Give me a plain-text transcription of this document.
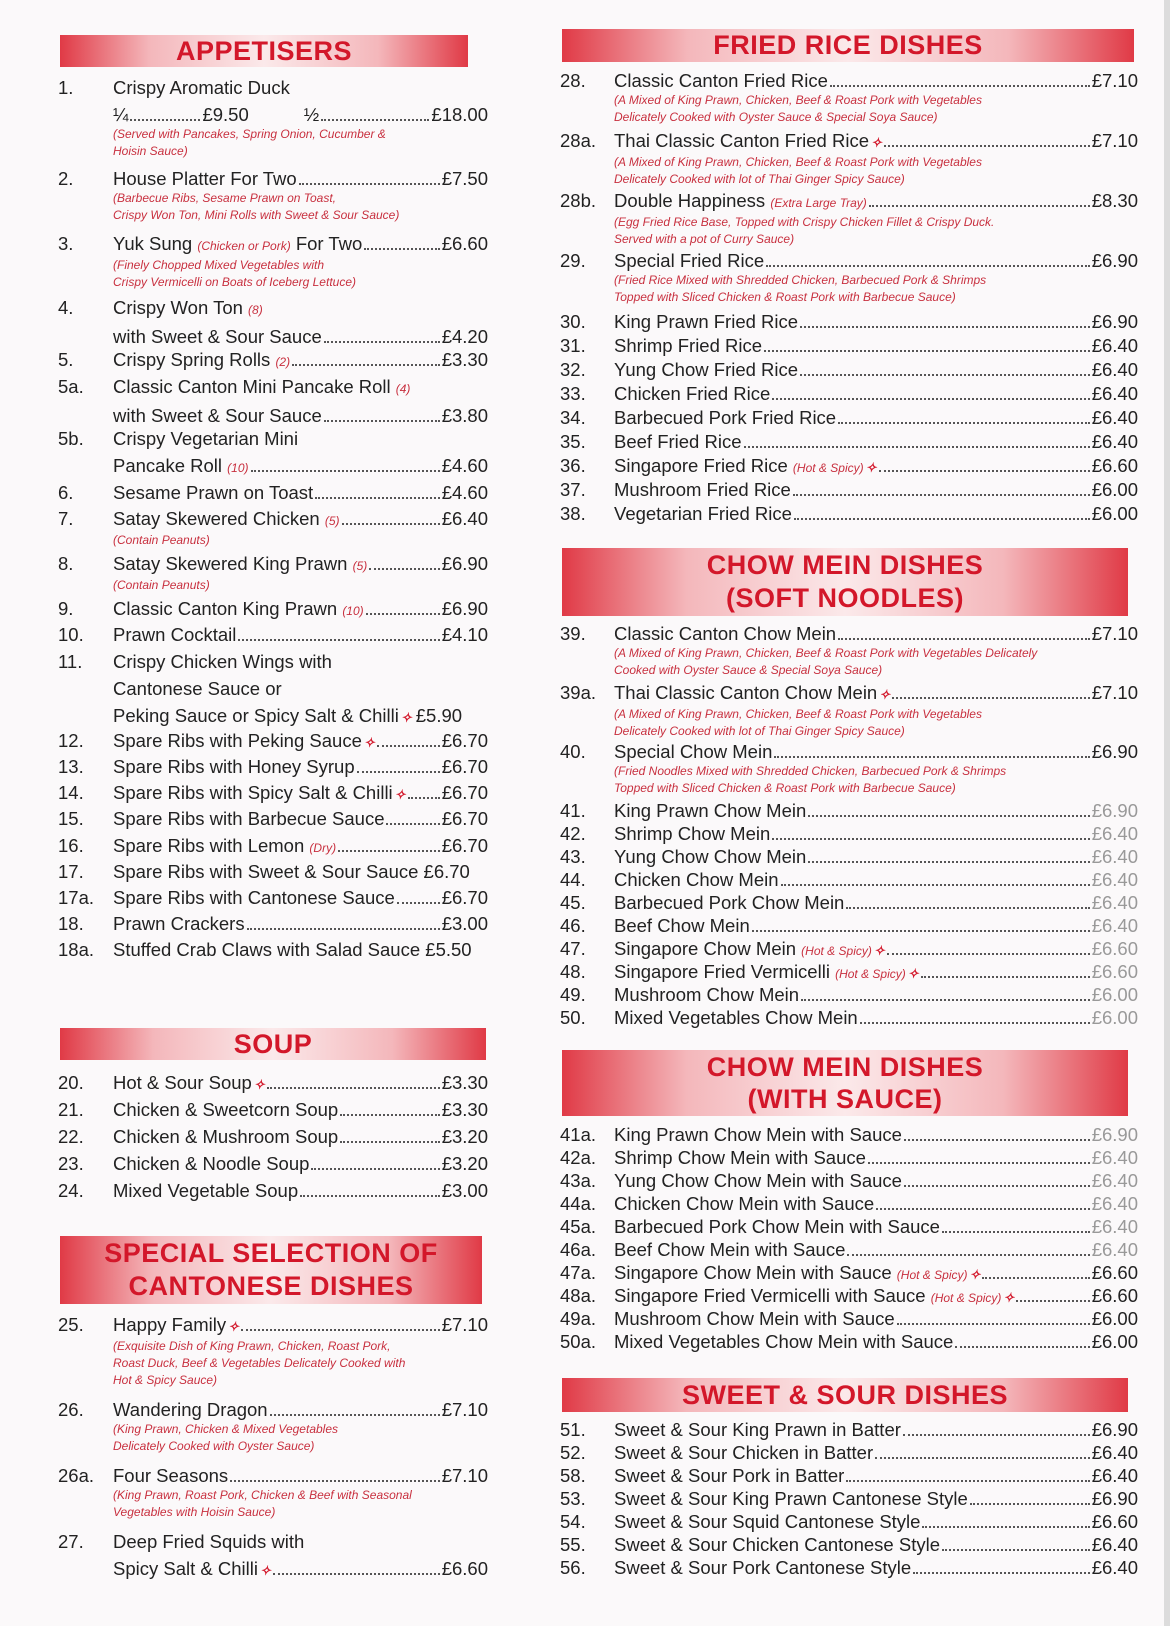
APPETISERS
1.	Crispy Aromatic Duck
¼	£9.50	½	£18.00
(Served with Pancakes, Spring Onion, Cucumber &
Hoisin Sauce)
2.	House Platter For Two	£7.50
(Barbecue Ribs, Sesame Prawn on Toast,
Crispy Won Ton, Mini Rolls with Sweet & Sour Sauce)
3.	Yuk Sung
(Chicken or Pork)
For Two	£6.60
(Finely Chopped Mixed Vegetables with
Crispy Vermicelli on Boats of Iceberg Lettuce)
4.	Crispy Won Ton
(8)
with Sweet & Sour Sauce	£4.20
5.	Crispy Spring Rolls
(2)	£3.30
5a.	Classic Canton Mini Pancake Roll
(4)
with Sweet & Sour Sauce	£3.80
5b.	Crispy Vegetarian Mini
Pancake Roll
(10)	£4.60
6.	Sesame Prawn on Toast	£4.60
7.	Satay Skewered Chicken
(5)	£6.40
(Contain Peanuts)
8.	Satay Skewered King Prawn
(5)	£6.90
(Contain Peanuts)
9.	Classic Canton King Prawn
(10)	£6.90
10.	Prawn Cocktail	£4.10
11.	Crispy Chicken Wings with
Cantonese Sauce or
Peking Sauce or Spicy Salt & Chilli ✧ £5.90
12.	Spare Ribs with Peking Sauce ✧	£6.70
13.	Spare Ribs with Honey Syrup	£6.70
14.	Spare Ribs with Spicy Salt & Chilli ✧ £6.70
15.	Spare Ribs with Barbecue Sauce	£6.70
16.	Spare Ribs with Lemon
(Dry)	£6.70
17.	Spare Ribs with Sweet & Sour Sauce
£6.70
17a.	Spare Ribs with Cantonese Sauce	£6.70
18.	Prawn Crackers	£3.00
18a.	Stuffed Crab Claws with Salad Sauce
£5.50
SOUP
20.	Hot & Sour Soup ✧	£3.30
21.	Chicken & Sweetcorn Soup	£3.30
22.	Chicken & Mushroom Soup	£3.20
23.	Chicken & Noodle Soup	£3.20
24.	Mixed Vegetable Soup	£3.00
SPECIAL SELECTION OF
CANTONESE DISHES
25.	Happy Family ✧	£7.10
(Exquisite Dish of King Prawn, Chicken, Roast Pork,
Roast Duck, Beef & Vegetables Delicately Cooked with
Hot & Spicy Sauce)
26.	Wandering Dragon	£7.10
(King Prawn, Chicken & Mixed Vegetables
Delicately Cooked with Oyster Sauce)
26a.	Four Seasons	£7.10
(King Prawn, Roast Pork, Chicken & Beef with Seasonal
Vegetables with Hoisin Sauce)
27.	Deep Fried Squids with
Spicy Salt & Chilli ✧	£6.60
FRIED RICE DISHES
28.	Classic Canton Fried Rice	£7.10
(A Mixed of King Prawn, Chicken, Beef & Roast Pork with Vegetables
Delicately Cooked with Oyster Sauce & Special Soya Sauce)
28a. Thai Classic Canton Fried Rice ✧	£7.10
(A Mixed of King Prawn, Chicken, Beef & Roast Pork with Vegetables
Delicately Cooked with lot of Thai Ginger Spicy Sauce)
28b. Double Happiness
(Extra Large Tray)	£8.30
(Egg Fried Rice Base, Topped with Crispy Chicken Fillet & Crispy Duck.
Served with a pot of Curry Sauce)
29.	Special Fried Rice	£6.90
(Fried Rice Mixed with Shredded Chicken, Barbecued Pork & Shrimps
Topped with Sliced Chicken & Roast Pork with Barbecue Sauce)
30.	King Prawn Fried Rice	£6.90
31.	Shrimp Fried Rice	£6.40
32.	Yung Chow Fried Rice	£6.40
33.	Chicken Fried Rice	£6.40
34.	Barbecued Pork Fried Rice	£6.40
35.	Beef Fried Rice	£6.40
36.	Singapore Fried Rice
(Hot & Spicy) ✧	£6.60
37.	Mushroom Fried Rice	£6.00
38.	Vegetarian Fried Rice	£6.00
CHOW MEIN DISHES
(SOFT NOODLES)
39.	Classic Canton Chow Mein	£7.10
(A Mixed of King Prawn, Chicken, Beef & Roast Pork with Vegetables Delicately
Cooked with Oyster Sauce & Special Soya Sauce)
39a. Thai Classic Canton Chow Mein ✧	£7.10
(A Mixed of King Prawn, Chicken, Beef & Roast Pork with Vegetables
Delicately Cooked with lot of Thai Ginger Spicy Sauce)
40.	Special Chow Mein	£6.90
(Fried Noodles Mixed with Shredded Chicken, Barbecued Pork & Shrimps
Topped with Sliced Chicken & Roast Pork with Barbecue Sauce)
41.	King Prawn Chow Mein	£6.90
42.	Shrimp Chow Mein	£6.40
43.	Yung Chow Chow Mein	£6.40
44.	Chicken Chow Mein	£6.40
45.	Barbecued Pork Chow Mein	£6.40
46.	Beef Chow Mein	£6.40
47.	Singapore Chow Mein
(Hot & Spicy) ✧	£6.60
48.	Singapore Fried Vermicelli
(Hot & Spicy) ✧	£6.60
49.	Mushroom Chow Mein	£6.00
50.	Mixed Vegetables Chow Mein	£6.00
CHOW MEIN DISHES
(WITH SAUCE)
41a. King Prawn Chow Mein with Sauce	£6.90
42a. Shrimp Chow Mein with Sauce	£6.40
43a. Yung Chow Chow Mein with Sauce	£6.40
44a. Chicken Chow Mein with Sauce	£6.40
45a. Barbecued Pork Chow Mein with Sauce	£6.40
46a. Beef Chow Mein with Sauce	£6.40
47a. Singapore Chow Mein with Sauce
(Hot & Spicy) ✧	£6.60
48a. Singapore Fried Vermicelli with Sauce
(Hot & Spicy) ✧	£6.60
49a. Mushroom Chow Mein with Sauce	£6.00
50a. Mixed Vegetables Chow Mein with Sauce	£6.00
SWEET & SOUR DISHES
51.	Sweet & Sour King Prawn in Batter	£6.90
52.	Sweet & Sour Chicken in Batter	£6.40
58.	Sweet & Sour Pork in Batter	£6.40
53.	Sweet & Sour King Prawn Cantonese Style	£6.90
54.	Sweet & Sour Squid Cantonese Style	£6.60
55.	Sweet & Sour Chicken Cantonese Style	£6.40
56.	Sweet & Sour Pork Cantonese Style	£6.40
